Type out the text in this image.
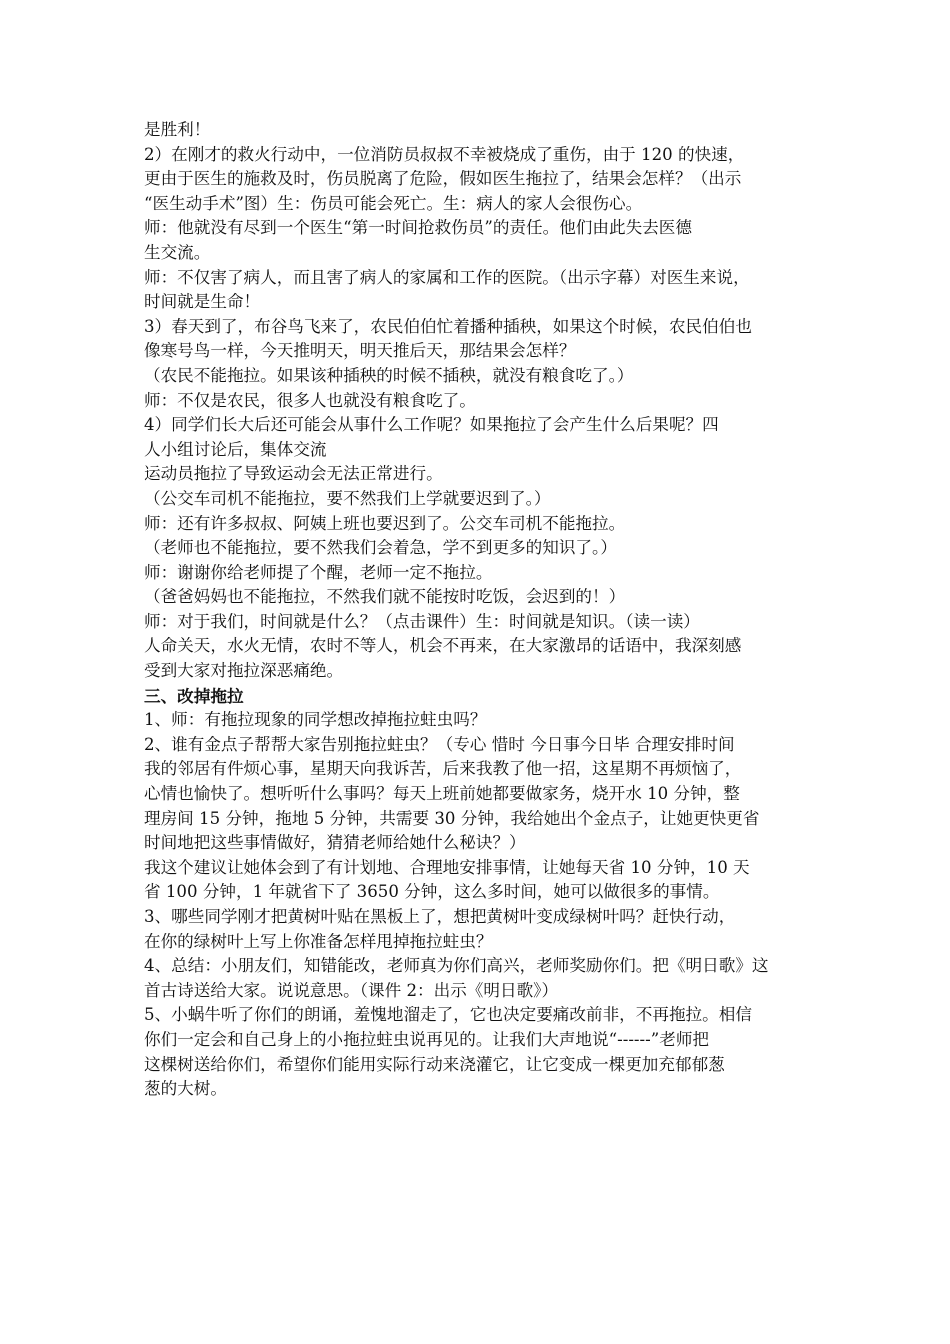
是胜利！
2）在刚才的救火行动中，一位消防员叔叔不幸被烧成了重伤，由于 120 的快速，
更由于医生的施救及时，伤员脱离了危险，假如医生拖拉了，结果会怎样？（出示
“医生动手术”图）生：伤员可能会死亡。生：病人的家人会很伤心。
师：他就没有尽到一个医生“第一时间抢救伤员”的责任。他们由此失去医德
生交流。
师：不仅害了病人，而且害了病人的家属和工作的医院。（出示字幕）对医生来说，
时间就是生命！
3）春天到了，布谷鸟飞来了，农民伯伯忙着播种插秧，如果这个时候，农民伯伯也
像寒号鸟一样，今天推明天，明天推后天，那结果会怎样？
（农民不能拖拉。如果该种插秧的时候不插秧，就没有粮食吃了。）
师：不仅是农民，很多人也就没有粮食吃了。
4）同学们长大后还可能会从事什么工作呢？如果拖拉了会产生什么后果呢？四
人小组讨论后，集体交流
运动员拖拉了导致运动会无法正常进行。
（公交车司机不能拖拉，要不然我们上学就要迟到了。）
师：还有许多叔叔、阿姨上班也要迟到了。公交车司机不能拖拉。
（老师也不能拖拉，要不然我们会着急，学不到更多的知识了。）
师：谢谢你给老师提了个醒，老师一定不拖拉。
（爸爸妈妈也不能拖拉，不然我们就不能按时吃饭，会迟到的！）
师：对于我们，时间就是什么？（点击课件）生：时间就是知识。（读一读）
人命关天，水火无情，农时不等人，机会不再来，在大家激昂的话语中，我深刻感
受到大家对拖拉深恶痛绝。
三、改掉拖拉
1、师：有拖拉现象的同学想改掉拖拉蛀虫吗？
2、谁有金点子帮帮大家告别拖拉蛀虫？（专心 惜时 今日事今日毕 合理安排时间
我的邻居有件烦心事，星期天向我诉苦，后来我教了他一招，这星期不再烦恼了，
心情也愉快了。想听听什么事吗？每天上班前她都要做家务，烧开水 10 分钟，整
理房间 15 分钟，拖地 5 分钟，共需要 30 分钟，我给她出个金点子，让她更快更省
时间地把这些事情做好，猜猜老师给她什么秘诀？）
我这个建议让她体会到了有计划地、合理地安排事情，让她每天省 10 分钟，10 天
省 100 分钟，1 年就省下了 3650 分钟，这么多时间，她可以做很多的事情。
3、哪些同学刚才把黄树叶贴在黑板上了，想把黄树叶变成绿树叶吗？赶快行动，
在你的绿树叶上写上你准备怎样甩掉拖拉蛀虫？
4、总结：小朋友们，知错能改，老师真为你们高兴，老师奖励你们。把《明日歌》这
首古诗送给大家。说说意思。（课件 2：出示《明日歌》）
5、小蜗牛听了你们的朗诵，羞愧地溜走了，它也决定要痛改前非，不再拖拉。相信
你们一定会和自己身上的小拖拉蛀虫说再见的。让我们大声地说“------”老师把
这棵树送给你们，希望你们能用实际行动来浇灌它，让它变成一棵更加充郁郁葱
葱的大树。
